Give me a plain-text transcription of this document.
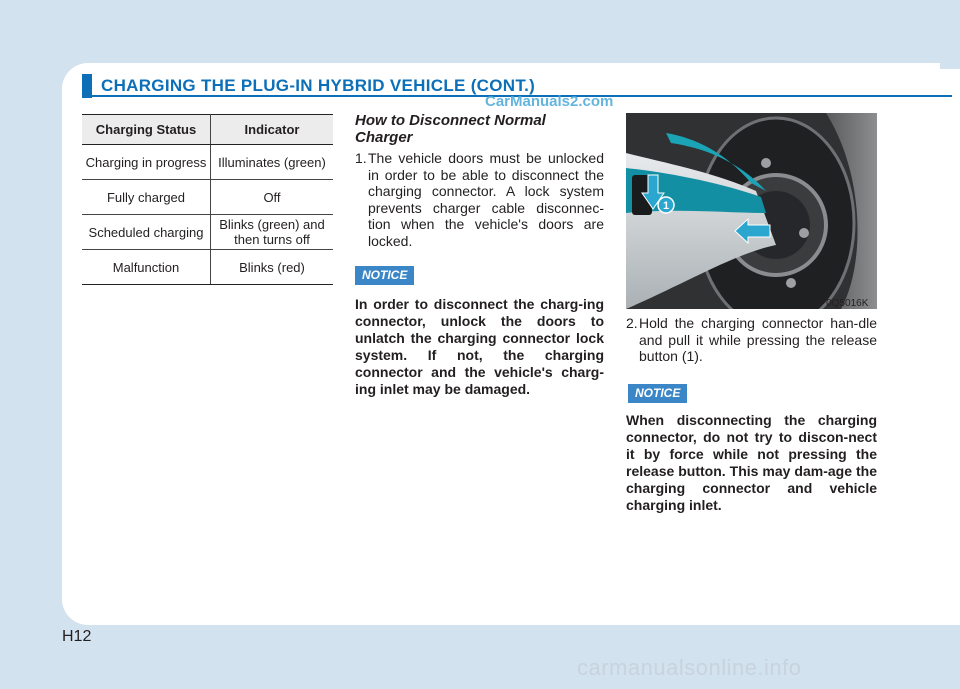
CHARGING THE PLUG-IN HYBRID VEHICLE (CONT.)
CarManuals2.com
Charging Status	Indicator
Charging in progress	Illuminates (green)
Fully charged	Off
Scheduled charging	Blinks (green) and then turns off
Malfunction	Blinks (red)
How to Disconnect Normal Charger
1. The vehicle doors must be unlocked in order to be able to disconnect the charging connector. A lock system prevents charger cable disconnec-tion when the vehicle's doors are locked.
NOTICE
In order to disconnect the charg-ing connector, unlock the doors to unlatch the charging connector lock system. If not, the charging connector and the vehicle's charg-ing inlet may be damaged.
1
OLFP0Q5016K
2. Hold the charging connector han-dle and pull it while pressing the release button (1).
NOTICE
When disconnecting the charging connector, do not try to discon-nect it by force while not pressing the release button. This may dam-age the charging connector and vehicle charging inlet.
H12
carmanualsonline.info
